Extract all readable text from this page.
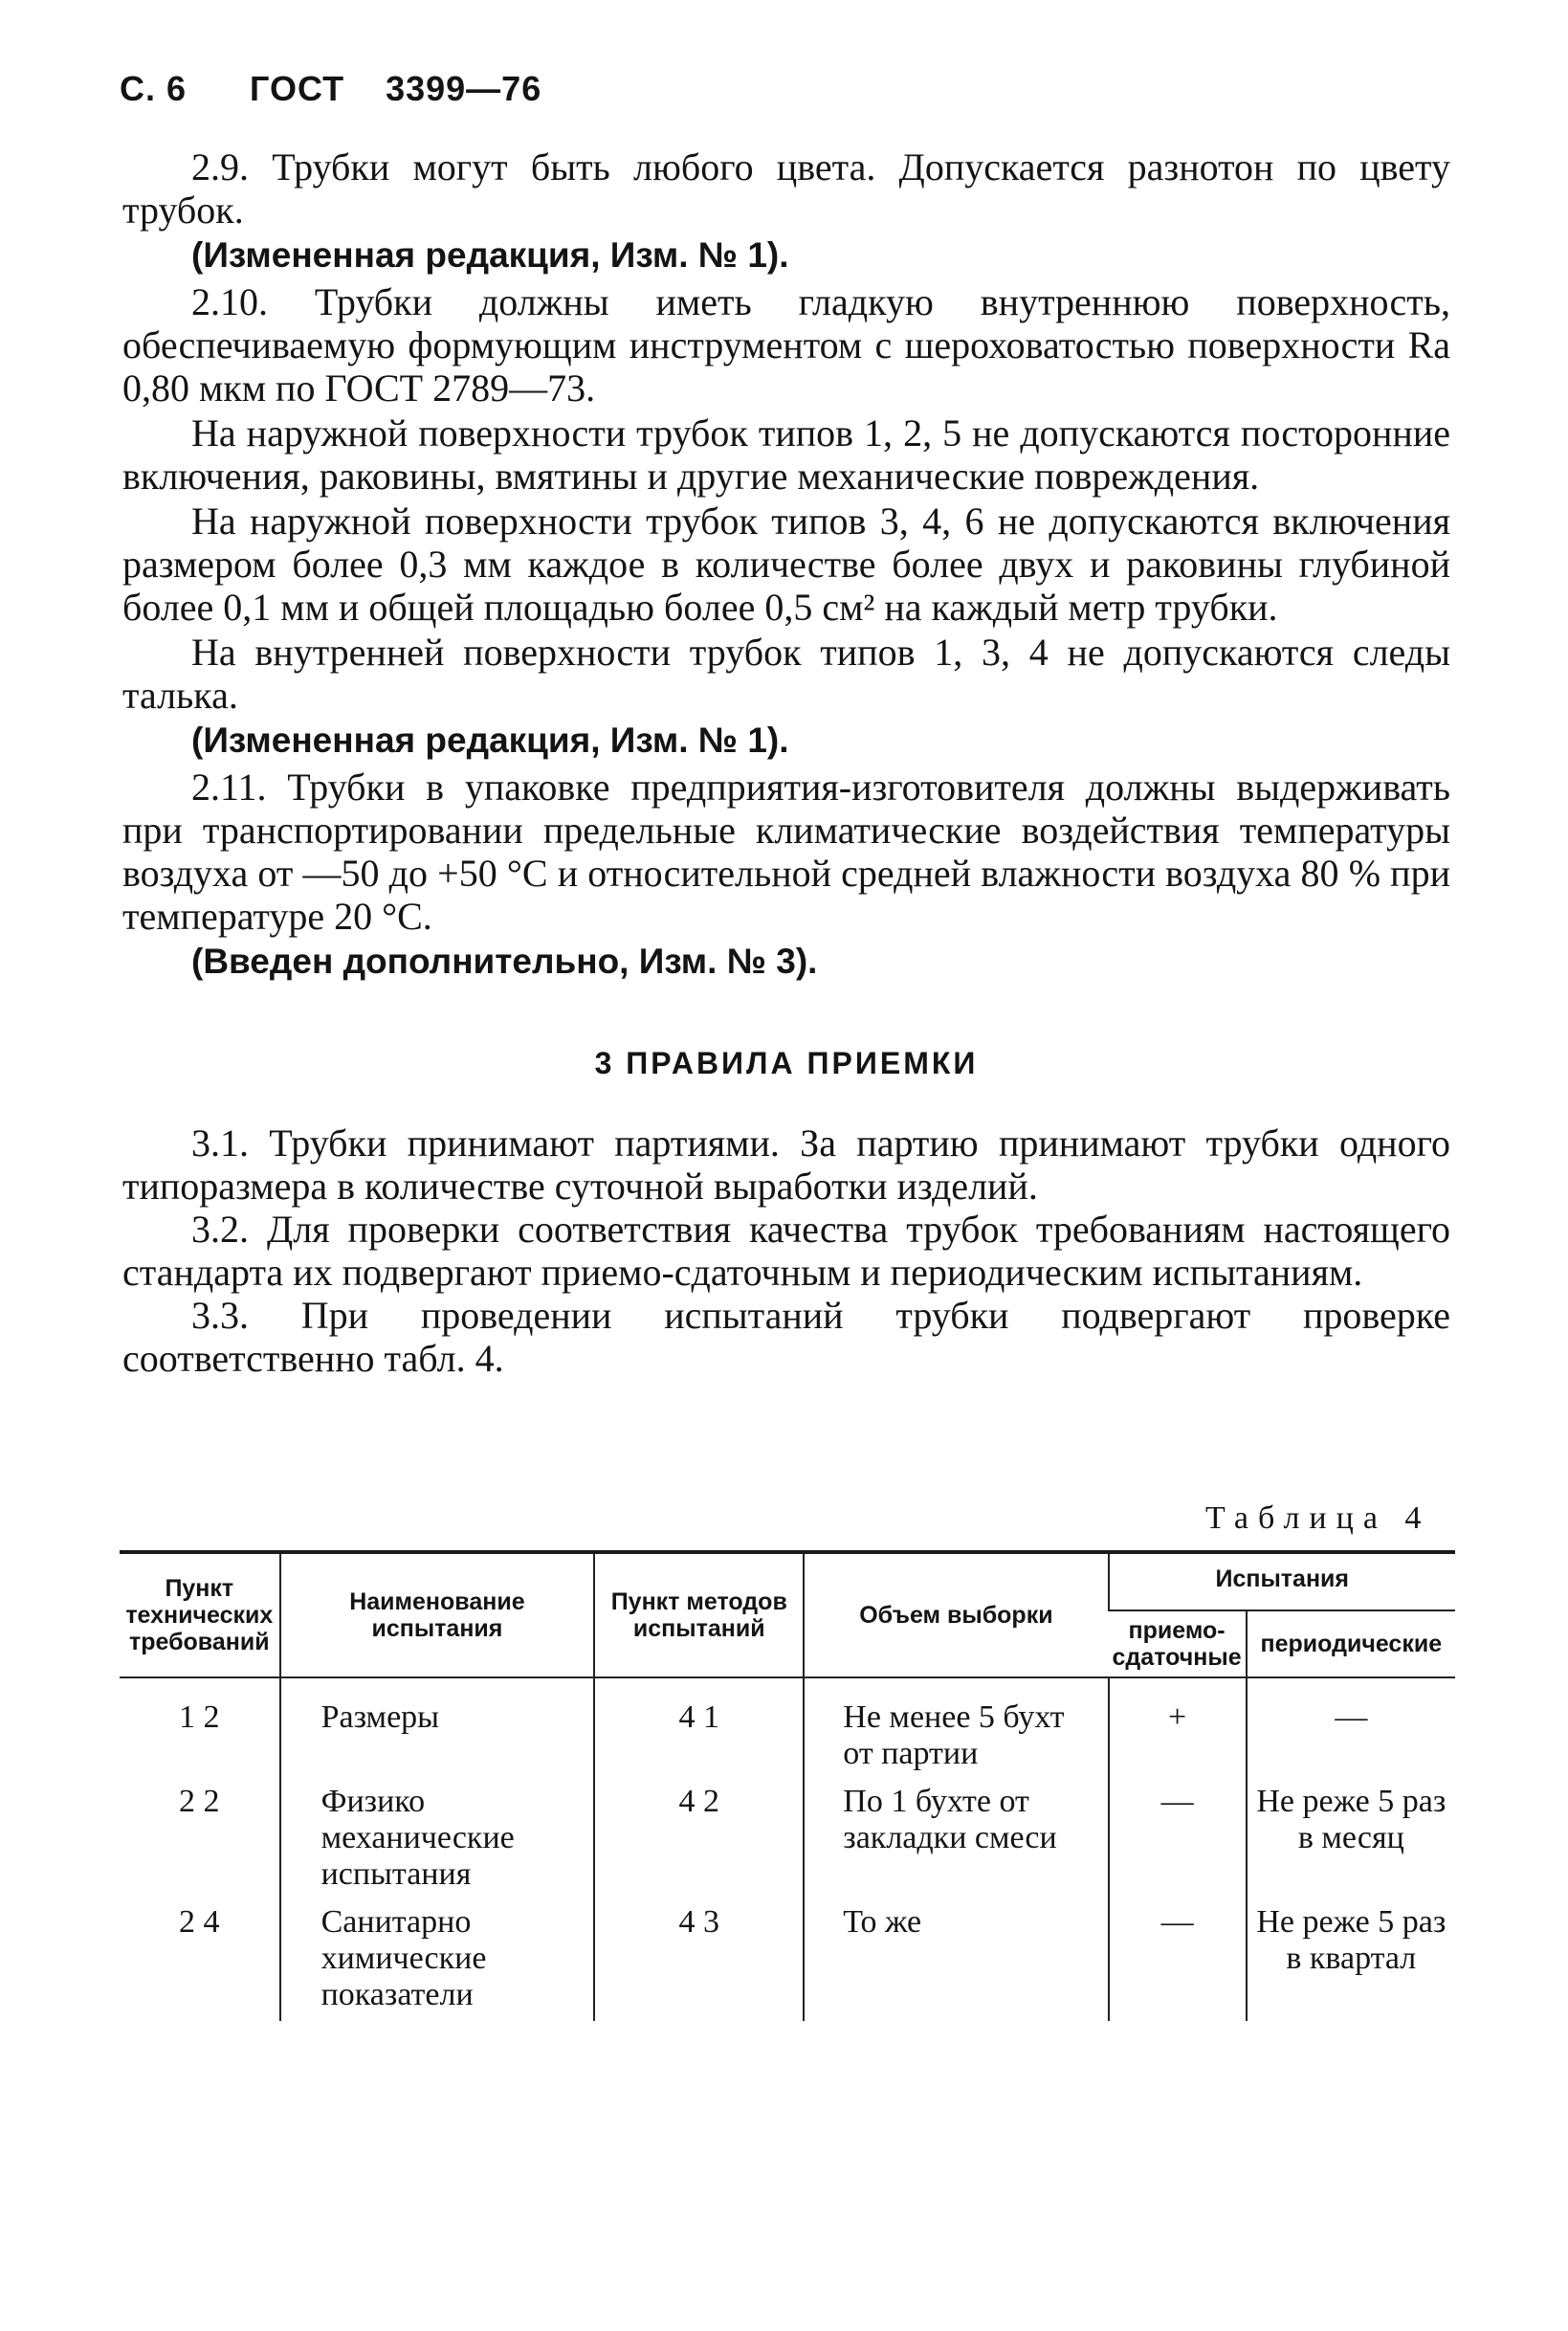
С. 6 ГОСТ 3399—76

2.9. Трубки могут быть любого цвета. Допускается разнотон по цвету трубок.

(Измененная редакция, Изм. № 1).

2.10. Трубки должны иметь гладкую внутреннюю поверхность, обеспечиваемую формующим инструментом с шероховатостью поверхности Ra 0,80 мкм по ГОСТ 2789—73.

На наружной поверхности трубок типов 1, 2, 5 не допускаются посторонние включения, раковины, вмятины и другие механические повреждения.

На наружной поверхности трубок типов 3, 4, 6 не допускаются включения размером более 0,3 мм каждое в количестве более двух и раковины глубиной более 0,1 мм и общей площадью более 0,5 см² на каждый метр трубки.

На внутренней поверхности трубок типов 1, 3, 4 не допускаются следы талька.

(Измененная редакция, Изм. № 1).

2.11. Трубки в упаковке предприятия-изготовителя должны выдерживать при транспортировании предельные климатические воздействия температуры воздуха от —50 до +50 °С и относительной средней влажности воздуха 80 % при температуре 20 °С.

(Введен дополнительно, Изм. № 3).

3 ПРАВИЛА ПРИЕМКИ

3.1. Трубки принимают партиями. За партию принимают трубки одного типоразмера в количестве суточной выработки изделий.

3.2. Для проверки соответствия качества трубок требованиям настоящего стандарта их подвергают приемо-сдаточным и периодическим испытаниям.

3.3. При проведении испытаний трубки подвергают проверке соответственно табл. 4.

Таблица 4
Пункт технических требований	Наименование испытания	Пункт методов испытаний	Объем выборки	Испытания	
				приемо-сдаточные	периодические
1 2	Размеры	4 1	Не менее 5 бухт от партии	+	—
2 2	Физико механические испытания	4 2	По 1 бухте от закладки смеси	—	Не реже 5 раз в месяц
2 4	Санитарно химические показатели	4 3	То же	—	Не реже 5 раз в квартал
